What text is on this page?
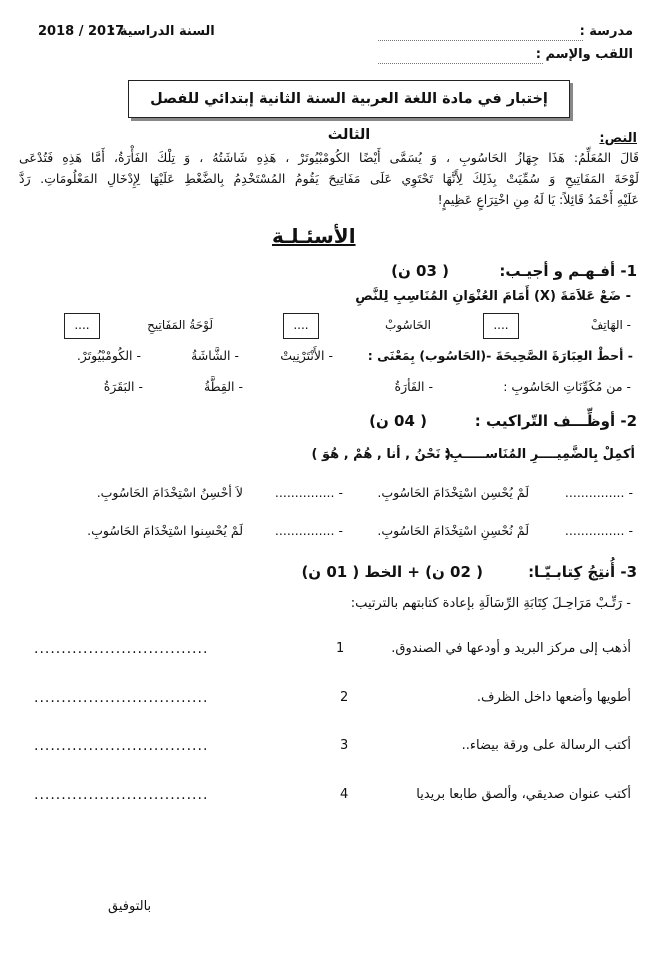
مدرسة :
اللقب والإسم :
السنة الدراسية :
2018 / 2017
إختبار في مادة اللغة العربية السنة الثانية إبتدائي للفصل الثالث	النص:
قَالَ المُعَلِّمُ: هَذَا جِهَازُ الحَاسُوبِ ، وَ يُسَمَّى أَيْضًا الكُومْبْيُوتَرْ ، هَذِهِ شَاشَتُهُ ، وَ تِلْكَ الفَأْرَةُ، أَمَّا هَذِهِ فَتُدْعَى
لَوْحَةَ المَفَاتِيحِ وَ سُمِّيَتْ بِذَلِكَ لِأَنَّهَا تَحْتَوِي عَلَى مَفَاتِيحَ يَقُومُ المُسْتَخْدِمُ بِالضَّغْطِ عَلَيْهَا لِإِدْخَالِ المَعْلُومَاتِ. رَدَّ
عَلَيْهِ أَحْمَدُ قَائِلاً: يَا لَهُ مِنِ اخْتِرَاعٍ عَظِيمٍ!
الأسئـلـة
1- أفـهـم و أجيـب:
( 03 ن)
- ضَعْ عَلاَمَةَ (X) أَمَامَ العُنْوَانِ المُنَاسِبِ لِلنَّصِ
- الهَاتِفْ
....
الحَاسُوبْ
....
لَوْحَةُ المَفَاتِيحِ
....
- أحطْ العِبَارَةَ الصَّحِيحَةَ -(الحَاسُوب) بِمَعْنَى :
- الأَنْتَرْنِيتْ
- الشَّاشَةُ
- الكُومْبْيُوتَرْ.
- من مُكَوِّنَاتِ الحَاسُوبِ :
- الفَأرَةُ
- القِطَّةُ
- البَقَرَةُ
2- أوظِّـــف التّراكيب :
( 04 ن)
أكمِلْ بِالضَّمِيــــرِ المُنَاســـــبِ:
( نَحْنُ , أنا , هُمْ , هُوَ )
- ...............
لَمْ يُحْسِن اسْتِخْدَامَ الحَاسُوبِ.
- ...............
لاَ أحْسِنُ اسْتِخْدَامَ الحَاسُوبِ.
- ...............
لَمْ نُحْسِنِ اسْتِخْدَامَ الحَاسُوبِ.
- ...............
لَمْ يُحْسِنوا اسْتِخْدَامَ الحَاسُوبِ.
3- أُنتِجُ كِتابـيّـا:
( 02 ن) + الخط ( 01 ن)
- رَتِّـبْ مَرَاحِـلَ كِتَابَةِ الرِّسَالَةِ بإعادة كتابتهم بالترتيب:
أذهب إلى مركز البريد و أودعها في الصندوق.
1
................................
أطويها وأضعها داخل الظرف.
2
................................
أكتب الرسالة على ورقة بيضاء..
3
................................
أكتب عنوان صديقي، وألصق طابعا بريديا
4
................................
بالتوفيق
